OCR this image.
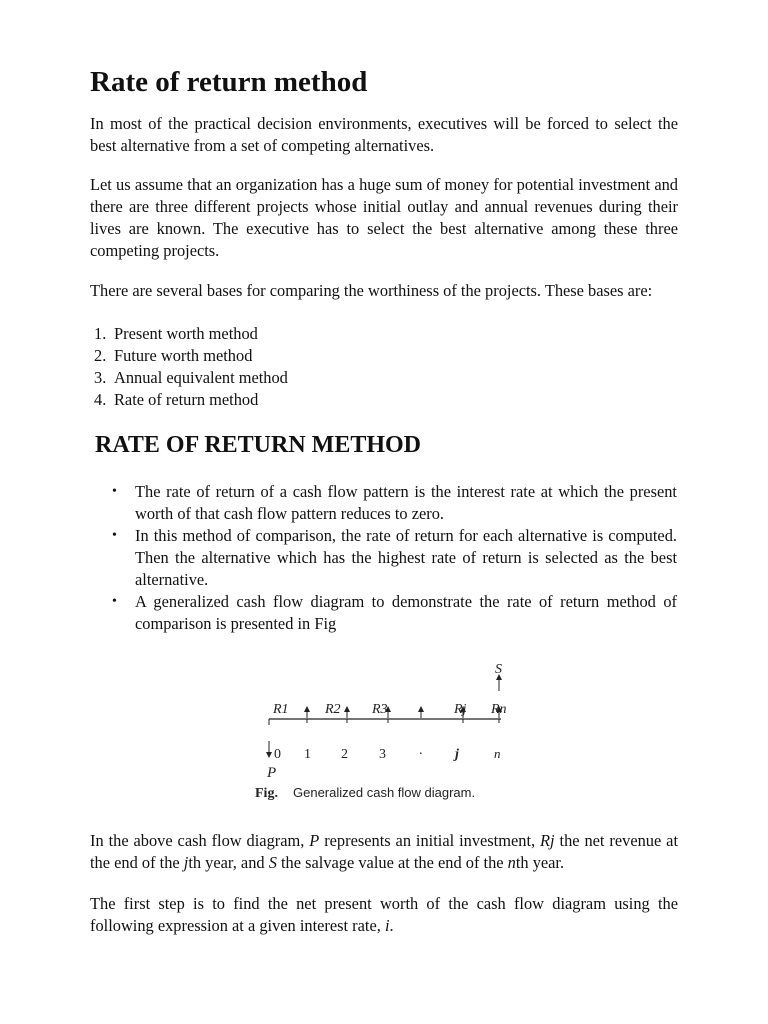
Rate of return method

In most of the practical decision environments, executives will be forced to select the best alternative from a set of competing alternatives.

Let us assume that an organization has a huge sum of money for potential investment and there are three different projects whose initial outlay and annual revenues during their lives are known. The executive has to select the best alternative among these three competing projects.

There are several bases for comparing the worthiness of the projects. These bases are:

1. Present worth method
2. Future worth method
3. Annual equivalent method
4. Rate of return method
RATE OF RETURN METHOD
• The rate of return of a cash flow pattern is the interest rate at which the present worth of that cash flow pattern reduces to zero.
• In this method of comparison, the rate of return for each alternative is computed. Then the alternative which has the highest rate of return is selected as the best alternative.
• A generalized cash flow diagram to demonstrate the rate of return method of comparison is presented in Fig
S
R1	R2 R3	Rj Rn
0 1 2 3 . j	n
P
Fig. Generalized cash flow diagram.

In the above cash flow diagram, P represents an initial investment, Rj the net revenue at the end of the jth year, and S the salvage value at the end of the nth year.

The first step is to find the net present worth of the cash flow diagram using the following expression at a given interest rate, i.
